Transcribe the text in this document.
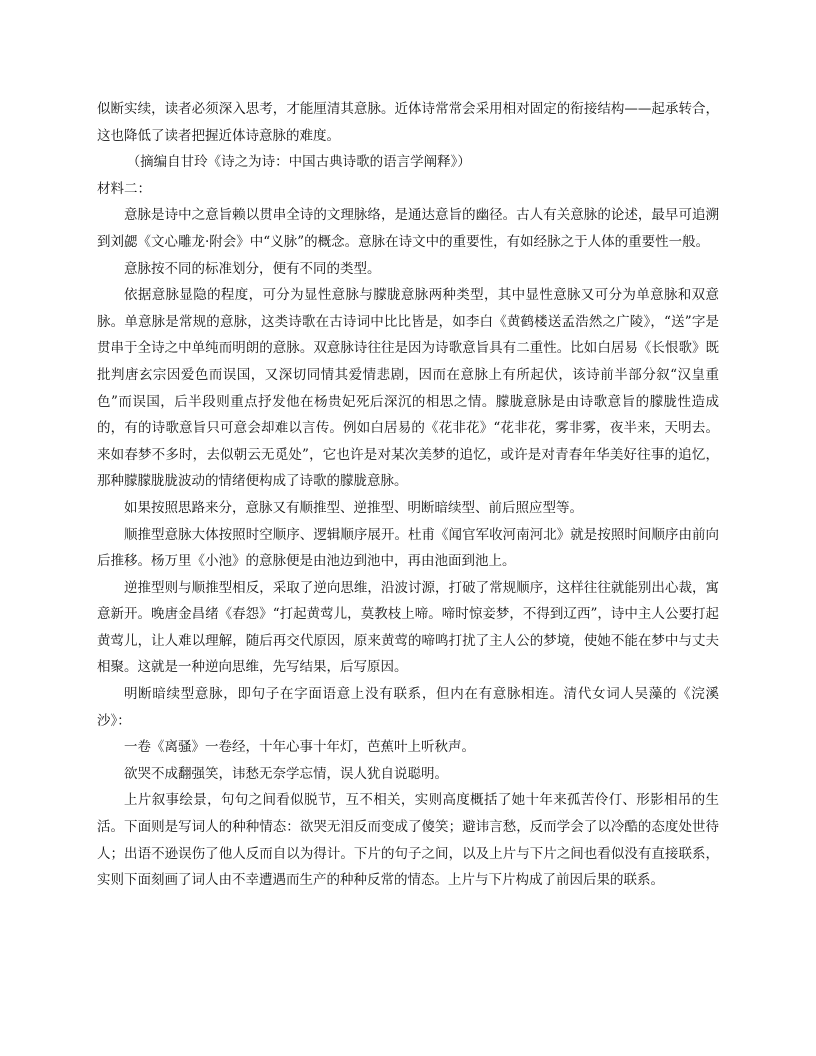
似断实续，读者必须深入思考，才能厘清其意脉。近体诗常常会采用相对固定的衔接结构——起承转合，这也降低了读者把握近体诗意脉的难度。

（摘编自甘玲《诗之为诗：中国古典诗歌的语言学阐释》）

材料二：

意脉是诗中之意旨赖以贯串全诗的文理脉络，是通达意旨的幽径。古人有关意脉的论述，最早可追溯到刘勰《文心雕龙·附会》中“义脉”的概念。意脉在诗文中的重要性，有如经脉之于人体的重要性一般。

意脉按不同的标准划分，便有不同的类型。

依据意脉显隐的程度，可分为显性意脉与朦胧意脉两种类型，其中显性意脉又可分为单意脉和双意脉。单意脉是常规的意脉，这类诗歌在古诗词中比比皆是，如李白《黄鹤楼送孟浩然之广陵》，“送”字是贯串于全诗之中单纯而明朗的意脉。双意脉诗往往是因为诗歌意旨具有二重性。比如白居易《长恨歌》既批判唐玄宗因爱色而误国，又深切同情其爱情悲剧，因而在意脉上有所起伏，该诗前半部分叙“汉皇重色”而误国，后半段则重点抒发他在杨贵妃死后深沉的相思之情。朦胧意脉是由诗歌意旨的朦胧性造成的，有的诗歌意旨只可意会却难以言传。例如白居易的《花非花》“花非花，雾非雾，夜半来，天明去。来如春梦不多时，去似朝云无觅处”，它也许是对某次美梦的追忆，或许是对青春年华美好往事的追忆，那种朦朦胧胧波动的情绪便构成了诗歌的朦胧意脉。

如果按照思路来分，意脉又有顺推型、逆推型、明断暗续型、前后照应型等。

顺推型意脉大体按照时空顺序、逻辑顺序展开。杜甫《闻官军收河南河北》就是按照时间顺序由前向后推移。杨万里《小池》的意脉便是由池边到池中，再由池面到池上。

逆推型则与顺推型相反，采取了逆向思维，沿波讨源，打破了常规顺序，这样往往就能别出心裁，寓意新开。晚唐金昌绪《春怨》“打起黄莺儿，莫教枝上啼。啼时惊妾梦，不得到辽西”，诗中主人公要打起黄莺儿，让人难以理解，随后再交代原因，原来黄莺的啼鸣打扰了主人公的梦境，使她不能在梦中与丈夫相聚。这就是一种逆向思维，先写结果，后写原因。

明断暗续型意脉，即句子在字面语意上没有联系，但内在有意脉相连。清代女词人吴藻的《浣溪沙》：

一卷《离骚》一卷经，十年心事十年灯，芭蕉叶上听秋声。

欲哭不成翻强笑，讳愁无奈学忘情，误人犹自说聪明。

上片叙事绘景，句句之间看似脱节，互不相关，实则高度概括了她十年来孤苦伶仃、形影相吊的生活。下面则是写词人的种种情态：欲哭无泪反而变成了傻笑；避讳言愁，反而学会了以冷酷的态度处世待人；出语不逊误伤了他人反而自以为得计。下片的句子之间，以及上片与下片之间也看似没有直接联系，实则下面刻画了词人由不幸遭遇而生产的种种反常的情态。上片与下片构成了前因后果的联系。
